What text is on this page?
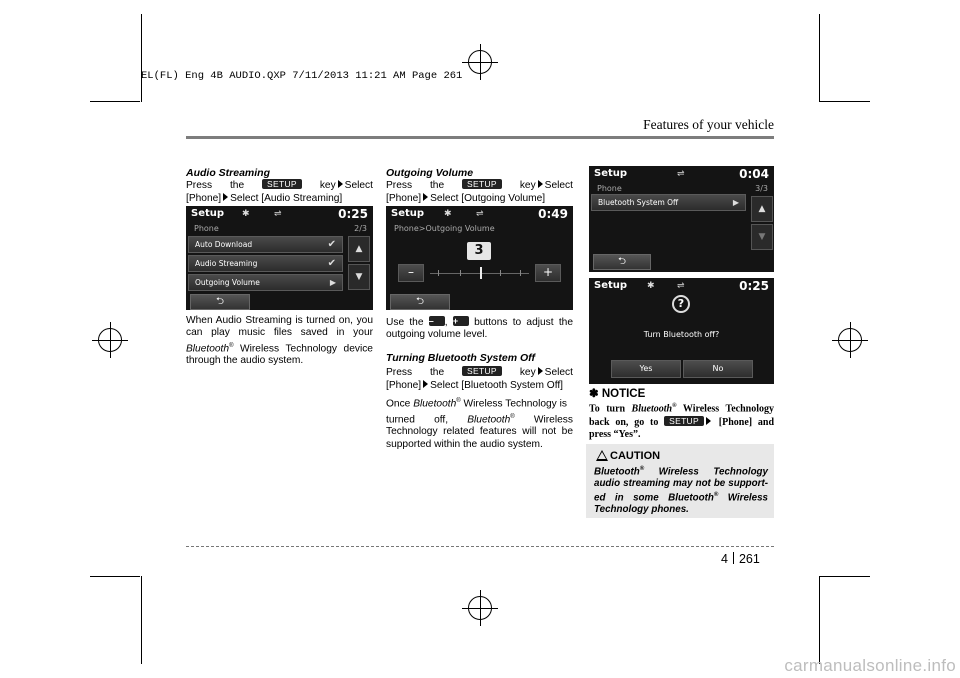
EL(FL) Eng 4B AUDIO.QXP 7/11/2013 11:21 AM Page 261
Features of your vehicle

Audio Streaming

Press the	SETUP key Select

[Phone] Select [Audio Streaming]

Setup ✱	⇌	0:25
Phone	2/3
Auto Download	✔
Audio Streaming	✔
Outgoing Volume	▶
▲
▼
⮌

When Audio Streaming is turned on, you

can play music files saved in your

Bluetooth® Wireless Technology device

through the audio system.

Outgoing Volume

Press the	SETUP key Select

[Phone] Select [Outgoing Volume]

Setup ✱	⇌	0:49
Phone>Outgoing Volume
3
–	+
⮌

Use the – , + buttons to adjust the

outgoing volume level.

Turning Bluetooth System Off

Press the	SETUP key Select

[Phone] Select [Bluetooth System Off]

Once Bluetooth® Wireless Technology is

turned off, Bluetooth® Wireless

Technology related features will not be

supported within the audio system.

Setup	⇌	0:04
Phone	3/3
Bluetooth System Off	▶
▲
▼
⮌
Setup ✱ ⇌	0:25
?
Turn Bluetooth off?
Yes	No

✽ NOTICE

To turn Bluetooth® Wireless Technology

back on, go to SETUP [Phone] and

press “Yes”.

CAUTION

Bluetooth® Wireless Technology

audio streaming may not be support-

ed in some Bluetooth® Wireless

Technology phones.

4 261
carmanualsonline.info
